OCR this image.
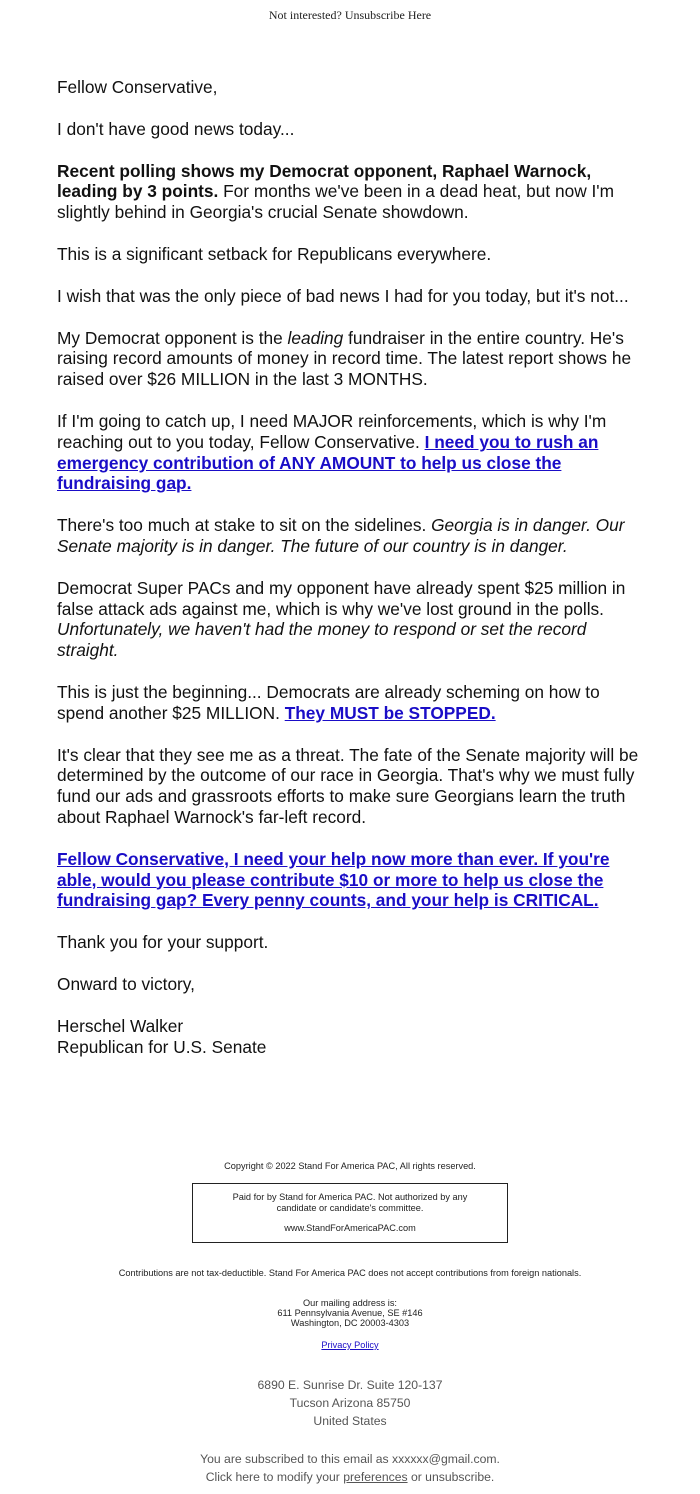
Not interested? Unsubscribe Here

Fellow Conservative,

I don't have good news today...

Recent polling shows my Democrat opponent, Raphael Warnock, leading by 3 points. For months we've been in a dead heat, but now I'm slightly behind in Georgia's crucial Senate showdown.

This is a significant setback for Republicans everywhere.

I wish that was the only piece of bad news I had for you today, but it's not...

My Democrat opponent is the leading fundraiser in the entire country. He's raising record amounts of money in record time. The latest report shows he raised over $26 MILLION in the last 3 MONTHS.

If I'm going to catch up, I need MAJOR reinforcements, which is why I'm reaching out to you today, Fellow Conservative. I need you to rush an emergency contribution of ANY AMOUNT to help us close the fundraising gap.

There's too much at stake to sit on the sidelines. Georgia is in danger. Our Senate majority is in danger. The future of our country is in danger.

Democrat Super PACs and my opponent have already spent $25 million in false attack ads against me, which is why we've lost ground in the polls. Unfortunately, we haven't had the money to respond or set the record straight.

This is just the beginning... Democrats are already scheming on how to spend another $25 MILLION. They MUST be STOPPED.

It's clear that they see me as a threat. The fate of the Senate majority will be determined by the outcome of our race in Georgia. That's why we must fully fund our ads and grassroots efforts to make sure Georgians learn the truth about Raphael Warnock's far-left record.

Fellow Conservative, I need your help now more than ever. If you're able, would you please contribute $10 or more to help us close the fundraising gap? Every penny counts, and your help is CRITICAL.

Thank you for your support.

Onward to victory,

Herschel Walker
Republican for U.S. Senate

Copyright © 2022 Stand For America PAC, All rights reserved.
Paid for by Stand for America PAC. Not authorized by any candidate or candidate's committee.
www.StandForAmericaPAC.com
Contributions are not tax-deductible. Stand For America PAC does not accept contributions from foreign nationals.
Our mailing address is:
611 Pennsylvania Avenue, SE #146
Washington, DC 20003-4303
Privacy Policy
6890 E. Sunrise Dr. Suite 120-137
Tucson Arizona 85750
United States
You are subscribed to this email as xxxxxx@gmail.com.
Click here to modify your preferences or unsubscribe.
